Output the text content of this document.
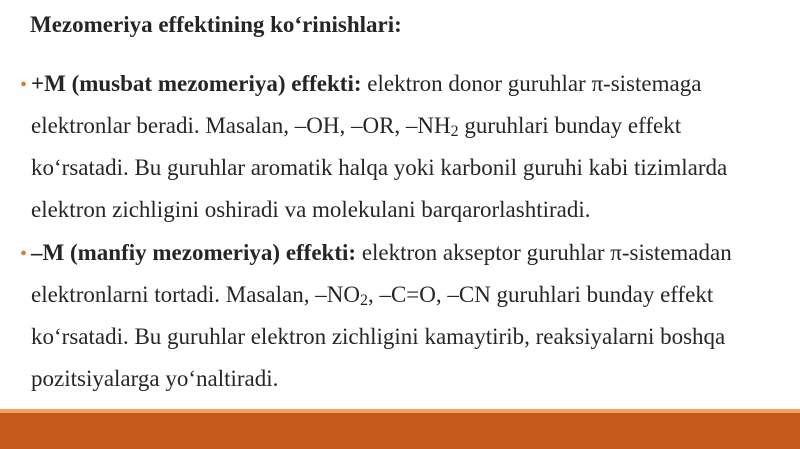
Mezomeriya effektining ko‘rinishlari:
• +M (musbat mezomeriya) effekti: elektron donor guruhlar π-sistemaga
elektronlar beradi. Masalan, –OH, –OR, –NH2 guruhlari bunday effekt
ko‘rsatadi. Bu guruhlar aromatik halqa yoki karbonil guruhi kabi tizimlarda
elektron zichligini oshiradi va molekulani barqarorlashtiradi.
• –M (manfiy mezomeriya) effekti: elektron akseptor guruhlar π-sistemadan
elektronlarni tortadi. Masalan, –NO2, –C=O, –CN guruhlari bunday effekt
ko‘rsatadi. Bu guruhlar elektron zichligini kamaytirib, reaksiyalarni boshqa
pozitsiyalarga yo‘naltiradi.
